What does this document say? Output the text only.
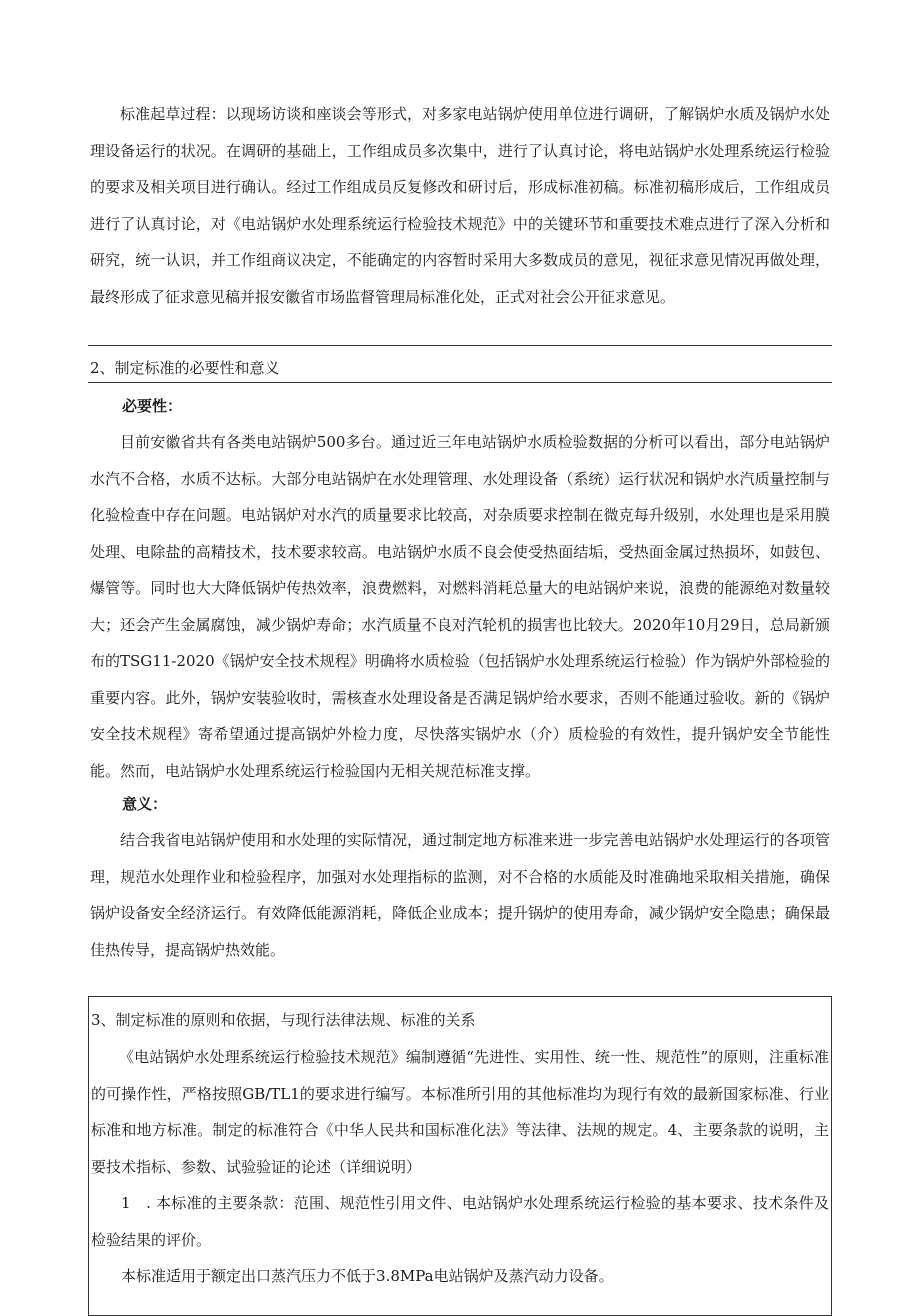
标准起草过程：以现场访谈和座谈会等形式，对多家电站锅炉使用单位进行调研，了解锅炉水质及锅炉水处理设备运行的状况。在调研的基础上，工作组成员多次集中，进行了认真讨论，将电站锅炉水处理系统运行检验的要求及相关项目进行确认。经过工作组成员反复修改和研讨后，形成标准初稿。标准初稿形成后，工作组成员进行了认真讨论，对《电站锅炉水处理系统运行检验技术规范》中的关键环节和重要技术难点进行了深入分析和研究，统一认识，并工作组商议决定，不能确定的内容暂时采用大多数成员的意见，视征求意见情况再做处理，最终形成了征求意见稿并报安徽省市场监督管理局标准化处，正式对社会公开征求意见。

2、制定标准的必要性和意义

必要性：

目前安徽省共有各类电站锅炉500多台。通过近三年电站锅炉水质检验数据的分析可以看出，部分电站锅炉水汽不合格，水质不达标。大部分电站锅炉在水处理管理、水处理设备（系统）运行状况和锅炉水汽质量控制与化验检查中存在问题。电站锅炉对水汽的质量要求比较高，对杂质要求控制在微克每升级别，水处理也是采用膜处理、电除盐的高精技术，技术要求较高。电站锅炉水质不良会使受热面结垢，受热面金属过热损坏，如鼓包、爆管等。同时也大大降低锅炉传热效率，浪费燃料，对燃料消耗总量大的电站锅炉来说，浪费的能源绝对数量较大；还会产生金属腐蚀，减少锅炉寿命；水汽质量不良对汽轮机的损害也比较大。2020年10月29日，总局新颁布的TSG11-2020《锅炉安全技术规程》明确将水质检验（包括锅炉水处理系统运行检验）作为锅炉外部检验的重要内容。此外，锅炉安装验收时，需核查水处理设备是否满足锅炉给水要求，否则不能通过验收。新的《锅炉安全技术规程》寄希望通过提高锅炉外检力度，尽快落实锅炉水（介）质检验的有效性，提升锅炉安全节能性能。然而，电站锅炉水处理系统运行检验国内无相关规范标准支撑。

意义：

结合我省电站锅炉使用和水处理的实际情况，通过制定地方标准来进一步完善电站锅炉水处理运行的各项管理，规范水处理作业和检验程序，加强对水处理指标的监测，对不合格的水质能及时准确地采取相关措施，确保锅炉设备安全经济运行。有效降低能源消耗，降低企业成本；提升锅炉的使用寿命，减少锅炉安全隐患；确保最佳热传导，提高锅炉热效能。

3、制定标准的原则和依据，与现行法律法规、标准的关系

《电站锅炉水处理系统运行检验技术规范》编制遵循“先进性、实用性、统一性、规范性”的原则，注重标准的可操作性，严格按照GB/TL1的要求进行编写。本标准所引用的其他标准均为现行有效的最新国家标准、行业标准和地方标准。制定的标准符合《中华人民共和国标准化法》等法律、法规的规定。4、主要条款的说明，主要技术指标、参数、试验验证的论述（详细说明）

1　. 本标准的主要条款：范围、规范性引用文件、电站锅炉水处理系统运行检验的基本要求、技术条件及检验结果的评价。

本标准适用于额定出口蒸汽压力不低于3.8MPa电站锅炉及蒸汽动力设备。
